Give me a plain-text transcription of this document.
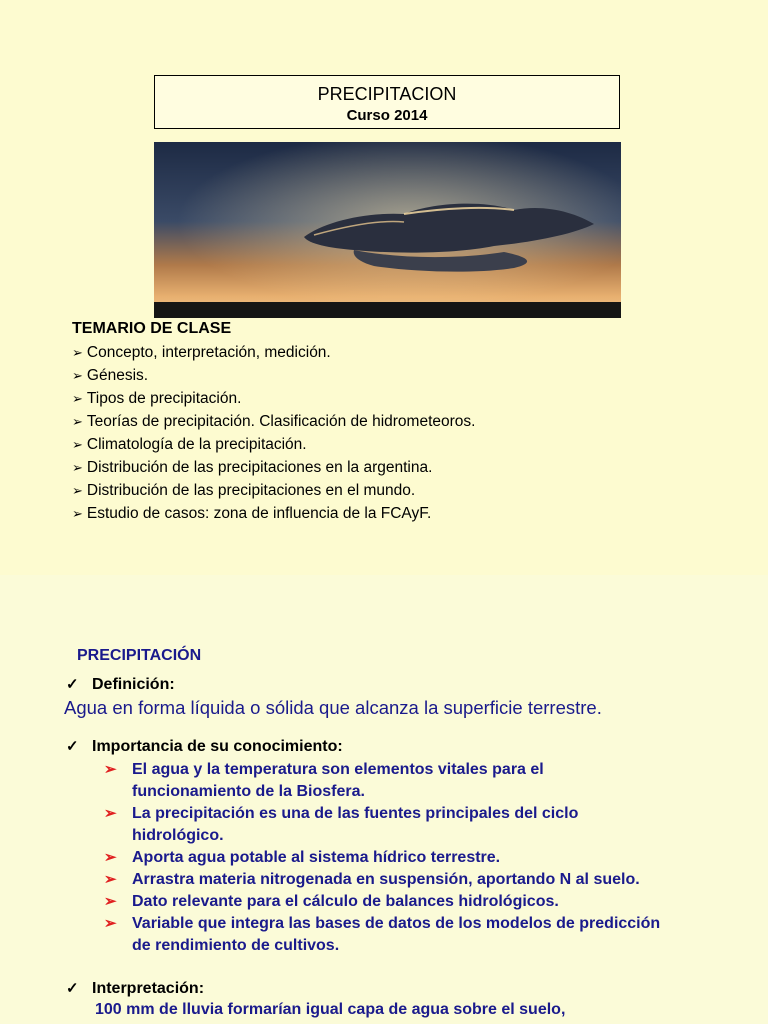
PRECIPITACION
Curso 2014
TEMARIO DE CLASE
➢ Concepto, interpretación, medición.
➢ Génesis.
➢ Tipos de precipitación.
➢ Teorías de precipitación. Clasificación de hidrometeoros.
➢ Climatología de la precipitación.
➢ Distribución de las precipitaciones en la argentina.
➢ Distribución de las precipitaciones en el mundo.
➢ Estudio de casos: zona de influencia de la FCAyF.
PRECIPITACIÓN
✓ Definición:
Agua en forma líquida o sólida que alcanza la superficie terrestre.
✓ Importancia de su conocimiento:
➢ El agua y la temperatura son elementos vitales para el funcionamiento de la Biosfera.
➢ La precipitación es una de las fuentes principales del ciclo hidrológico.
➢ Aporta agua potable al sistema hídrico terrestre.
➢ Arrastra materia nitrogenada en suspensión, aportando N al suelo.
➢ Dato relevante para el cálculo de balances hidrológicos.
➢ Variable que integra las bases de datos de los modelos de predicción de rendimiento de cultivos.
✓ Interpretación:
100 mm de lluvia formarían igual capa de agua sobre el suelo,
